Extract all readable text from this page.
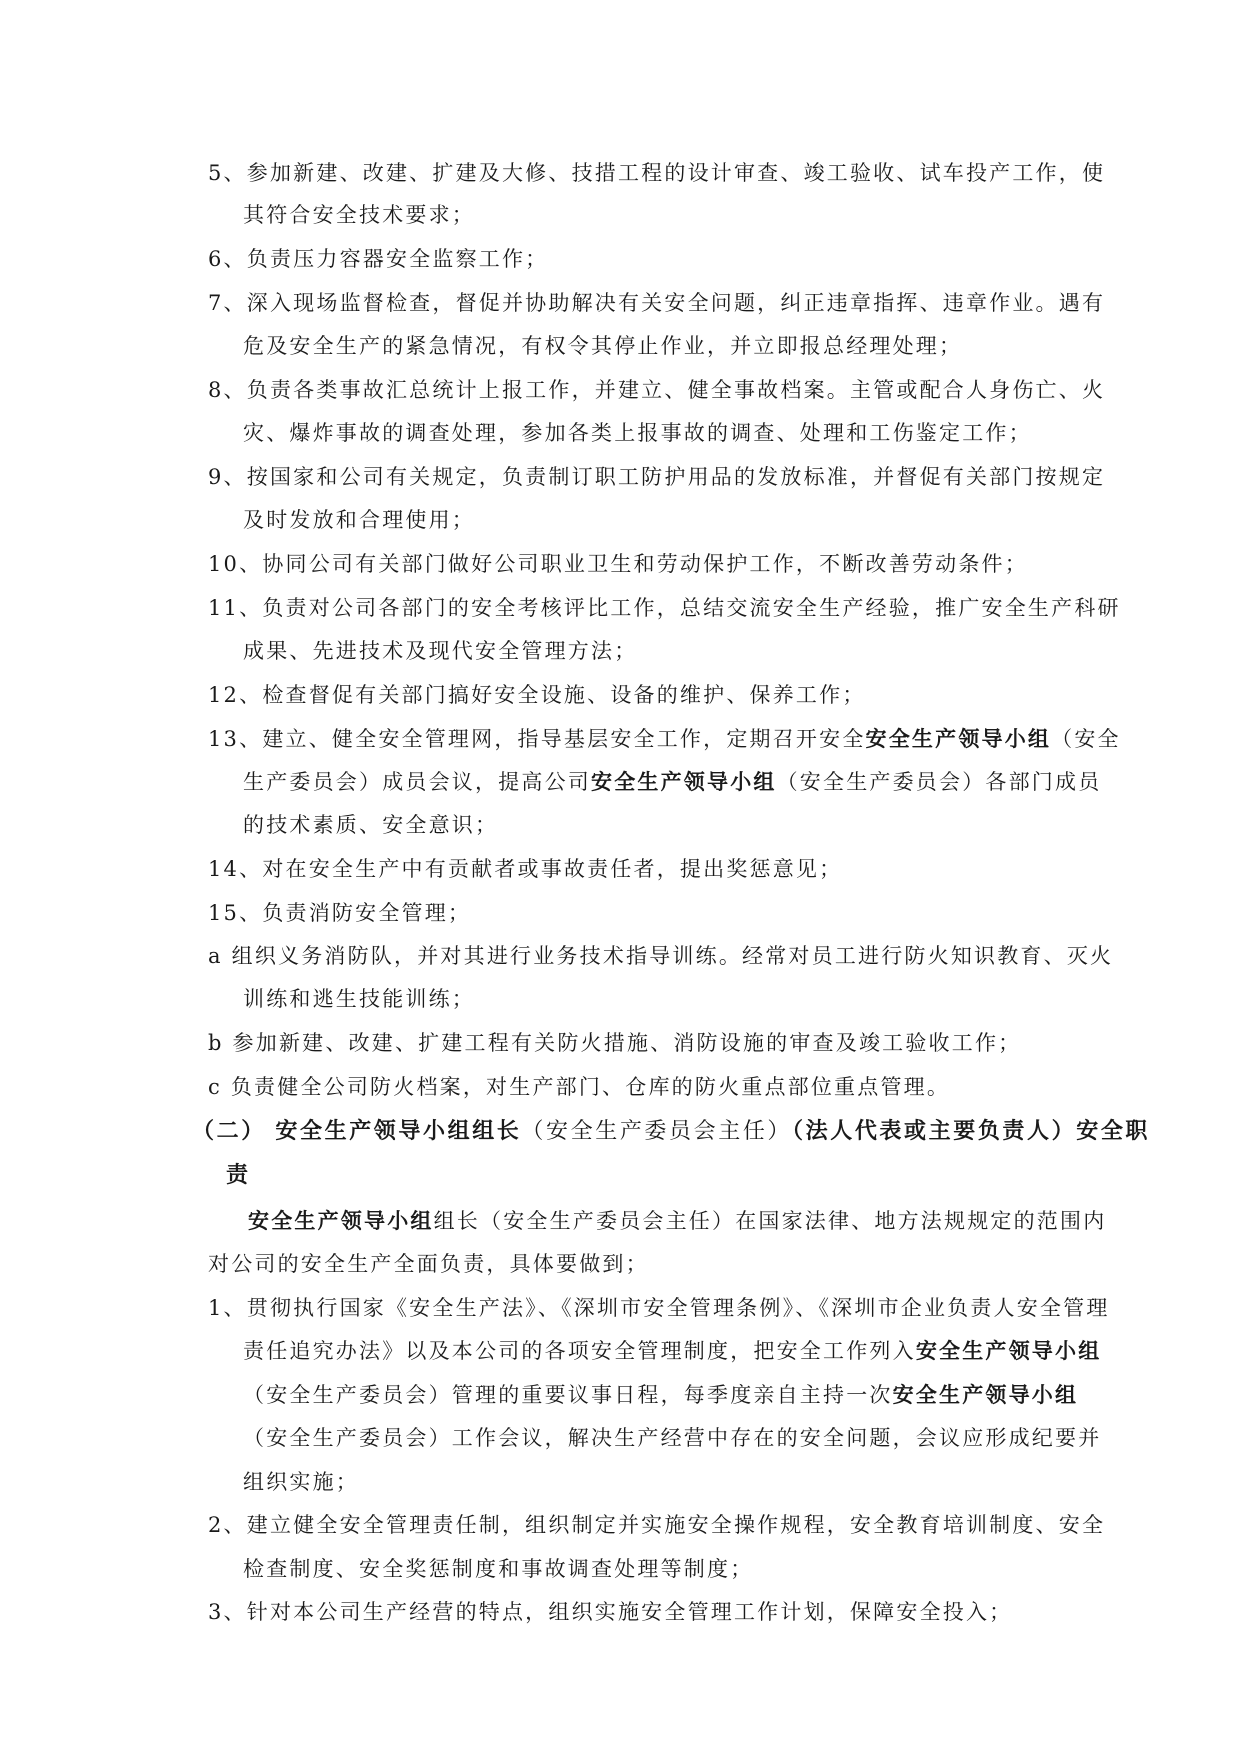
5、参加新建、改建、扩建及大修、技措工程的设计审查、竣工验收、试车投产工作，使
其符合安全技术要求；
6、负责压力容器安全监察工作；
7、深入现场监督检查，督促并协助解决有关安全问题，纠正违章指挥、违章作业。遇有
危及安全生产的紧急情况，有权令其停止作业，并立即报总经理处理；
8、负责各类事故汇总统计上报工作，并建立、健全事故档案。主管或配合人身伤亡、火
灾、爆炸事故的调查处理，参加各类上报事故的调查、处理和工伤鉴定工作；
9、按国家和公司有关规定，负责制订职工防护用品的发放标准，并督促有关部门按规定
及时发放和合理使用；
10、协同公司有关部门做好公司职业卫生和劳动保护工作，不断改善劳动条件；
11、负责对公司各部门的安全考核评比工作，总结交流安全生产经验，推广安全生产科研
成果、先进技术及现代安全管理方法；
12、检查督促有关部门搞好安全设施、设备的维护、保养工作；
13、建立、健全安全管理网，指导基层安全工作，定期召开安全安全生产领导小组（安全
生产委员会）成员会议，提高公司安全生产领导小组（安全生产委员会）各部门成员
的技术素质、安全意识；
14、对在安全生产中有贡献者或事故责任者，提出奖惩意见；
15、负责消防安全管理；
a 组织义务消防队，并对其进行业务技术指导训练。经常对员工进行防火知识教育、灭火
训练和逃生技能训练；
b 参加新建、改建、扩建工程有关防火措施、消防设施的审查及竣工验收工作；
c 负责健全公司防火档案，对生产部门、仓库的防火重点部位重点管理。
（二） 安全生产领导小组组长（安全生产委员会主任）（法人代表或主要负责人）安全职
责
安全生产领导小组组长（安全生产委员会主任）在国家法律、地方法规规定的范围内
对公司的安全生产全面负责，具体要做到；
1、贯彻执行国家《安全生产法》、《深圳市安全管理条例》、《深圳市企业负责人安全管理
责任追究办法》以及本公司的各项安全管理制度，把安全工作列入安全生产领导小组
（安全生产委员会）管理的重要议事日程，每季度亲自主持一次安全生产领导小组
（安全生产委员会）工作会议，解决生产经营中存在的安全问题，会议应形成纪要并
组织实施；
2、建立健全安全管理责任制，组织制定并实施安全操作规程，安全教育培训制度、安全
检查制度、安全奖惩制度和事故调查处理等制度；
3、针对本公司生产经营的特点，组织实施安全管理工作计划，保障安全投入；
